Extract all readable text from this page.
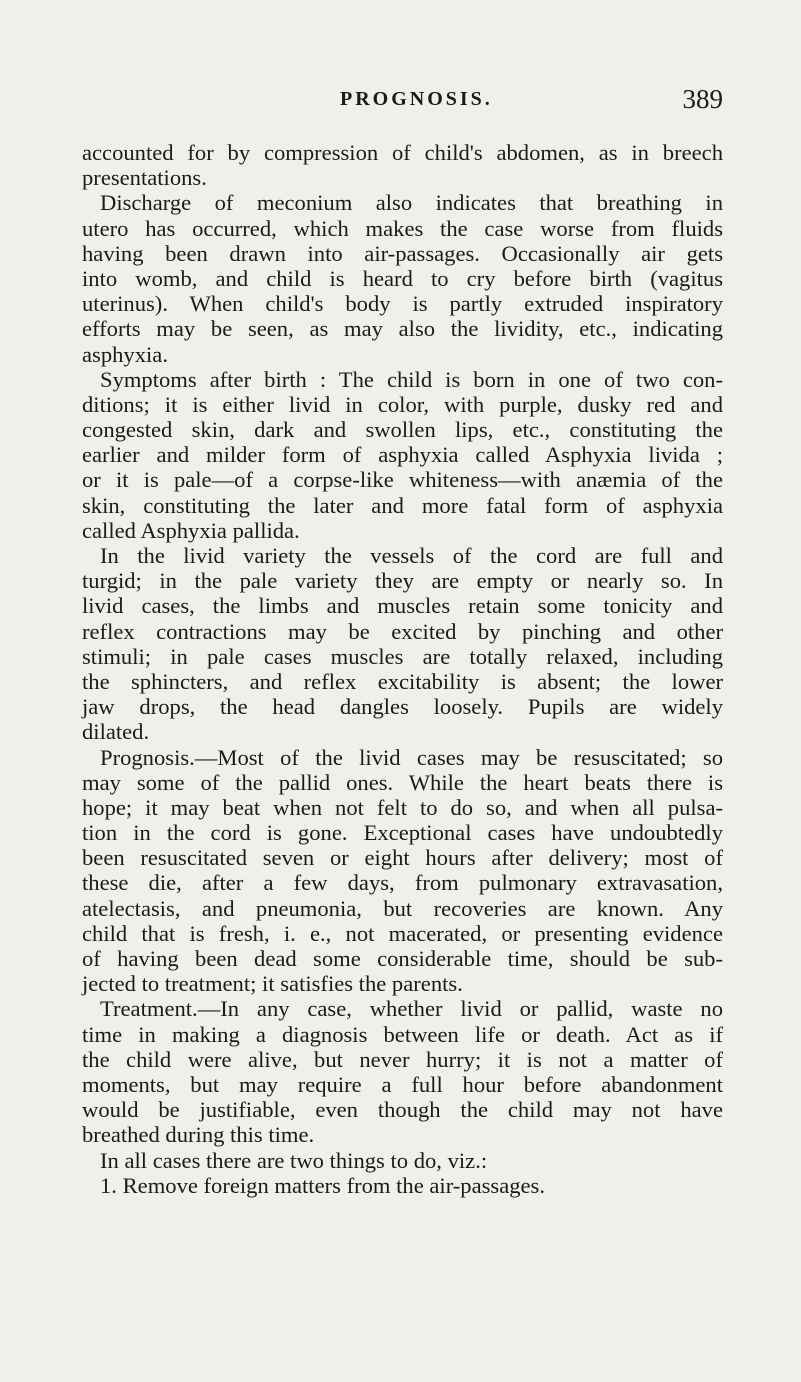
PROGNOSIS.	389
accounted for by compression of child's abdomen, as in breech
presentations.
Discharge of meconium also indicates that breathing in
utero has occurred, which makes the case worse from fluids
having been drawn into air-passages. Occasionally air gets
into womb, and child is heard to cry before birth (vagitus
uterinus). When child's body is partly extruded inspiratory
efforts may be seen, as may also the lividity, etc., indicating
asphyxia.
Symptoms after birth : The child is born in one of two con-
ditions; it is either livid in color, with purple, dusky red and
congested skin, dark and swollen lips, etc., constituting the
earlier and milder form of asphyxia called Asphyxia livida ;
or it is pale—of a corpse-like whiteness—with anæmia of the
skin, constituting the later and more fatal form of asphyxia
called Asphyxia pallida.
In the livid variety the vessels of the cord are full and
turgid; in the pale variety they are empty or nearly so. In
livid cases, the limbs and muscles retain some tonicity and
reflex contractions may be excited by pinching and other
stimuli; in pale cases muscles are totally relaxed, including
the sphincters, and reflex excitability is absent; the lower
jaw drops, the head dangles loosely. Pupils are widely
dilated.
Prognosis.—Most of the livid cases may be resuscitated; so
may some of the pallid ones. While the heart beats there is
hope; it may beat when not felt to do so, and when all pulsa-
tion in the cord is gone. Exceptional cases have undoubtedly
been resuscitated seven or eight hours after delivery; most of
these die, after a few days, from pulmonary extravasation,
atelectasis, and pneumonia, but recoveries are known. Any
child that is fresh, i. e., not macerated, or presenting evidence
of having been dead some considerable time, should be sub-
jected to treatment; it satisfies the parents.
Treatment.—In any case, whether livid or pallid, waste no
time in making a diagnosis between life or death. Act as if
the child were alive, but never hurry; it is not a matter of
moments, but may require a full hour before abandonment
would be justifiable, even though the child may not have
breathed during this time.
In all cases there are two things to do, viz.:
1. Remove foreign matters from the air-passages.
